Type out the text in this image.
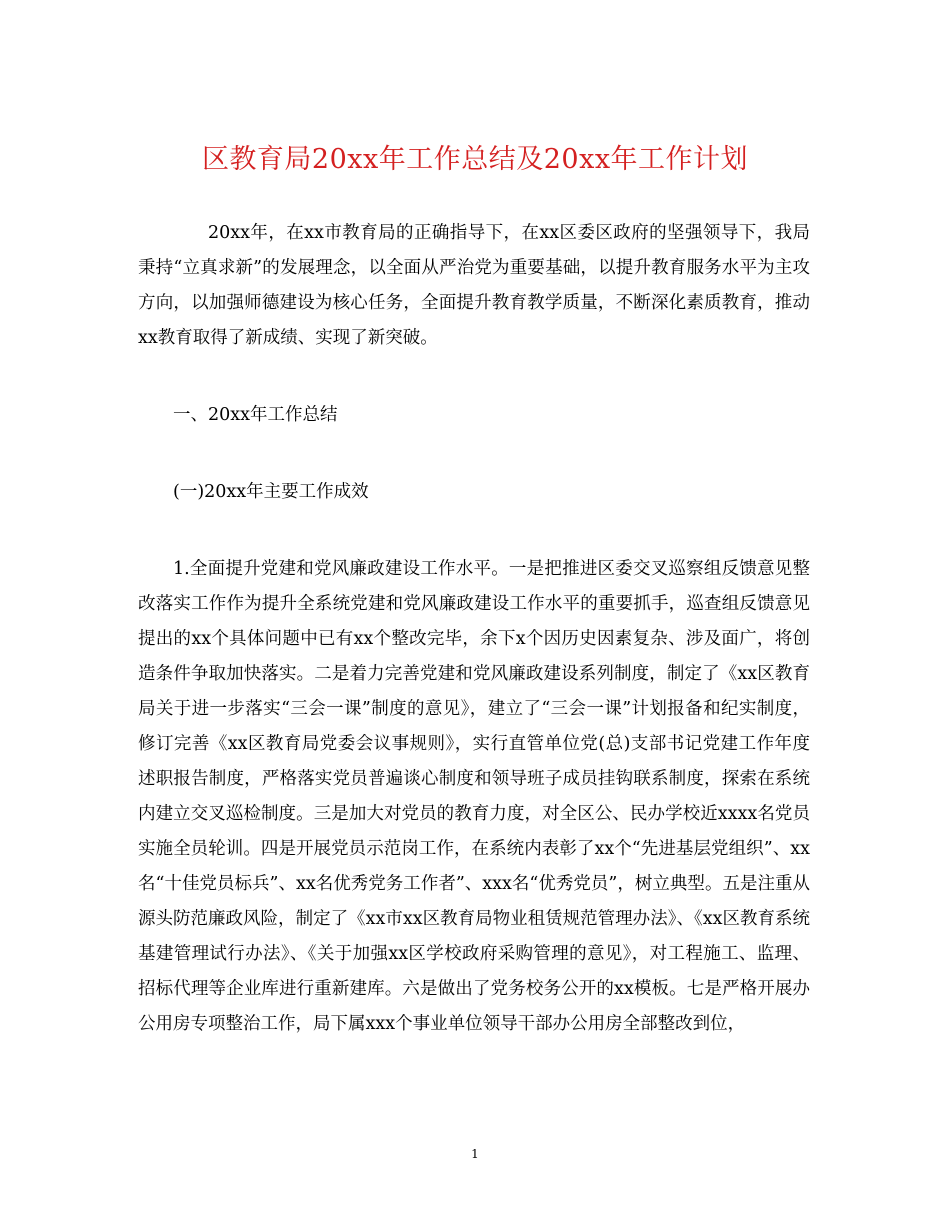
区教育局20xx年工作总结及20xx年工作计划

20xx年，在xx市教育局的正确指导下，在xx区委区政府的坚强领导下，我局秉持“立真求新”的发展理念，以全面从严治党为重要基础，以提升教育服务水平为主攻方向，以加强师德建设为核心任务，全面提升教育教学质量，不断深化素质教育，推动xx教育取得了新成绩、实现了新突破。

一、20xx年工作总结

(一)20xx年主要工作成效

1.全面提升党建和党风廉政建设工作水平。一是把推进区委交叉巡察组反馈意见整改落实工作作为提升全系统党建和党风廉政建设工作水平的重要抓手，巡查组反馈意见提出的xx个具体问题中已有xx个整改完毕，余下x个因历史因素复杂、涉及面广，将创造条件争取加快落实。二是着力完善党建和党风廉政建设系列制度，制定了《xx区教育局关于进一步落实“三会一课”制度的意见》，建立了“三会一课”计划报备和纪实制度，修订完善《xx区教育局党委会议事规则》，实行直管单位党(总)支部书记党建工作年度述职报告制度，严格落实党员普遍谈心制度和领导班子成员挂钩联系制度，探索在系统内建立交叉巡检制度。三是加大对党员的教育力度，对全区公、民办学校近xxxx名党员实施全员轮训。四是开展党员示范岗工作，在系统内表彰了xx个“先进基层党组织”、xx名“十佳党员标兵”、xx名优秀党务工作者”、xxx名“优秀党员”，树立典型。五是注重从源头防范廉政风险，制定了《xx市xx区教育局物业租赁规范管理办法》、《xx区教育系统基建管理试行办法》、《关于加强xx区学校政府采购管理的意见》，对工程施工、监理、招标代理等企业库进行重新建库。六是做出了党务校务公开的xx模板。七是严格开展办公用房专项整治工作，局下属xxx个事业单位领导干部办公用房全部整改到位，

1
